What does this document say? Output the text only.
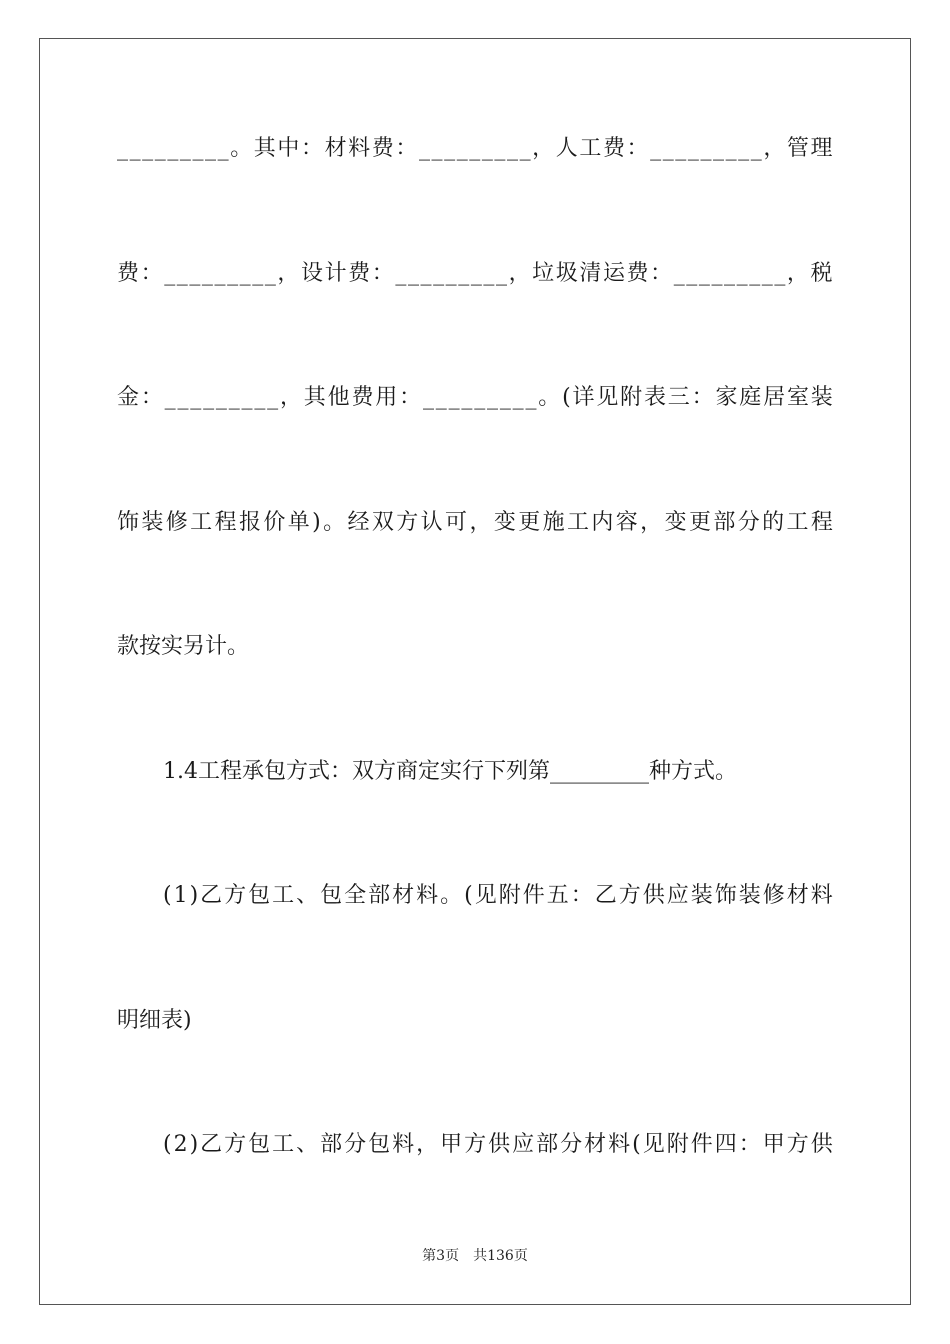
_ _ _ _ _ _ _ _ _ 。 其 中 ： 材 料 费 ： _ _ _ _ _ _ _ _ _ ， 人 工 费 ： _ _ _ _ _ _ _ _ _ ， 管 理
费 ： _ _ _ _ _ _ _ _ _ ， 设 计 费 ： _ _ _ _ _ _ _ _ _ ， 垃 圾 清 运 费 ： _ _ _ _ _ _ _ _ _ ， 税
金 ： _ _ _ _ _ _ _ _ _ ， 其 他 费 用 ： _ _ _ _ _ _ _ _ _ 。 ( 详 见 附 表 三 ： 家 庭 居 室 装
饰 装 修 工 程 报 价 单 ) 。 经 双 方 认 可 ， 变 更 施 工 内 容 ， 变 更 部 分 的 工 程
款按实另计。
1.4工程承包方式：双方商定实行下列第_________种方式。
( 1 ) 乙 方 包 工 、 包 全 部 材 料 。 ( 见 附 件 五 ： 乙 方 供 应 装 饰 装 修 材 料
明细表)
( 2 ) 乙 方 包 工 、 部 分 包 料 ， 甲 方 供 应 部 分 材 料 ( 见 附 件 四 ： 甲 方 供
第3页 共136页
